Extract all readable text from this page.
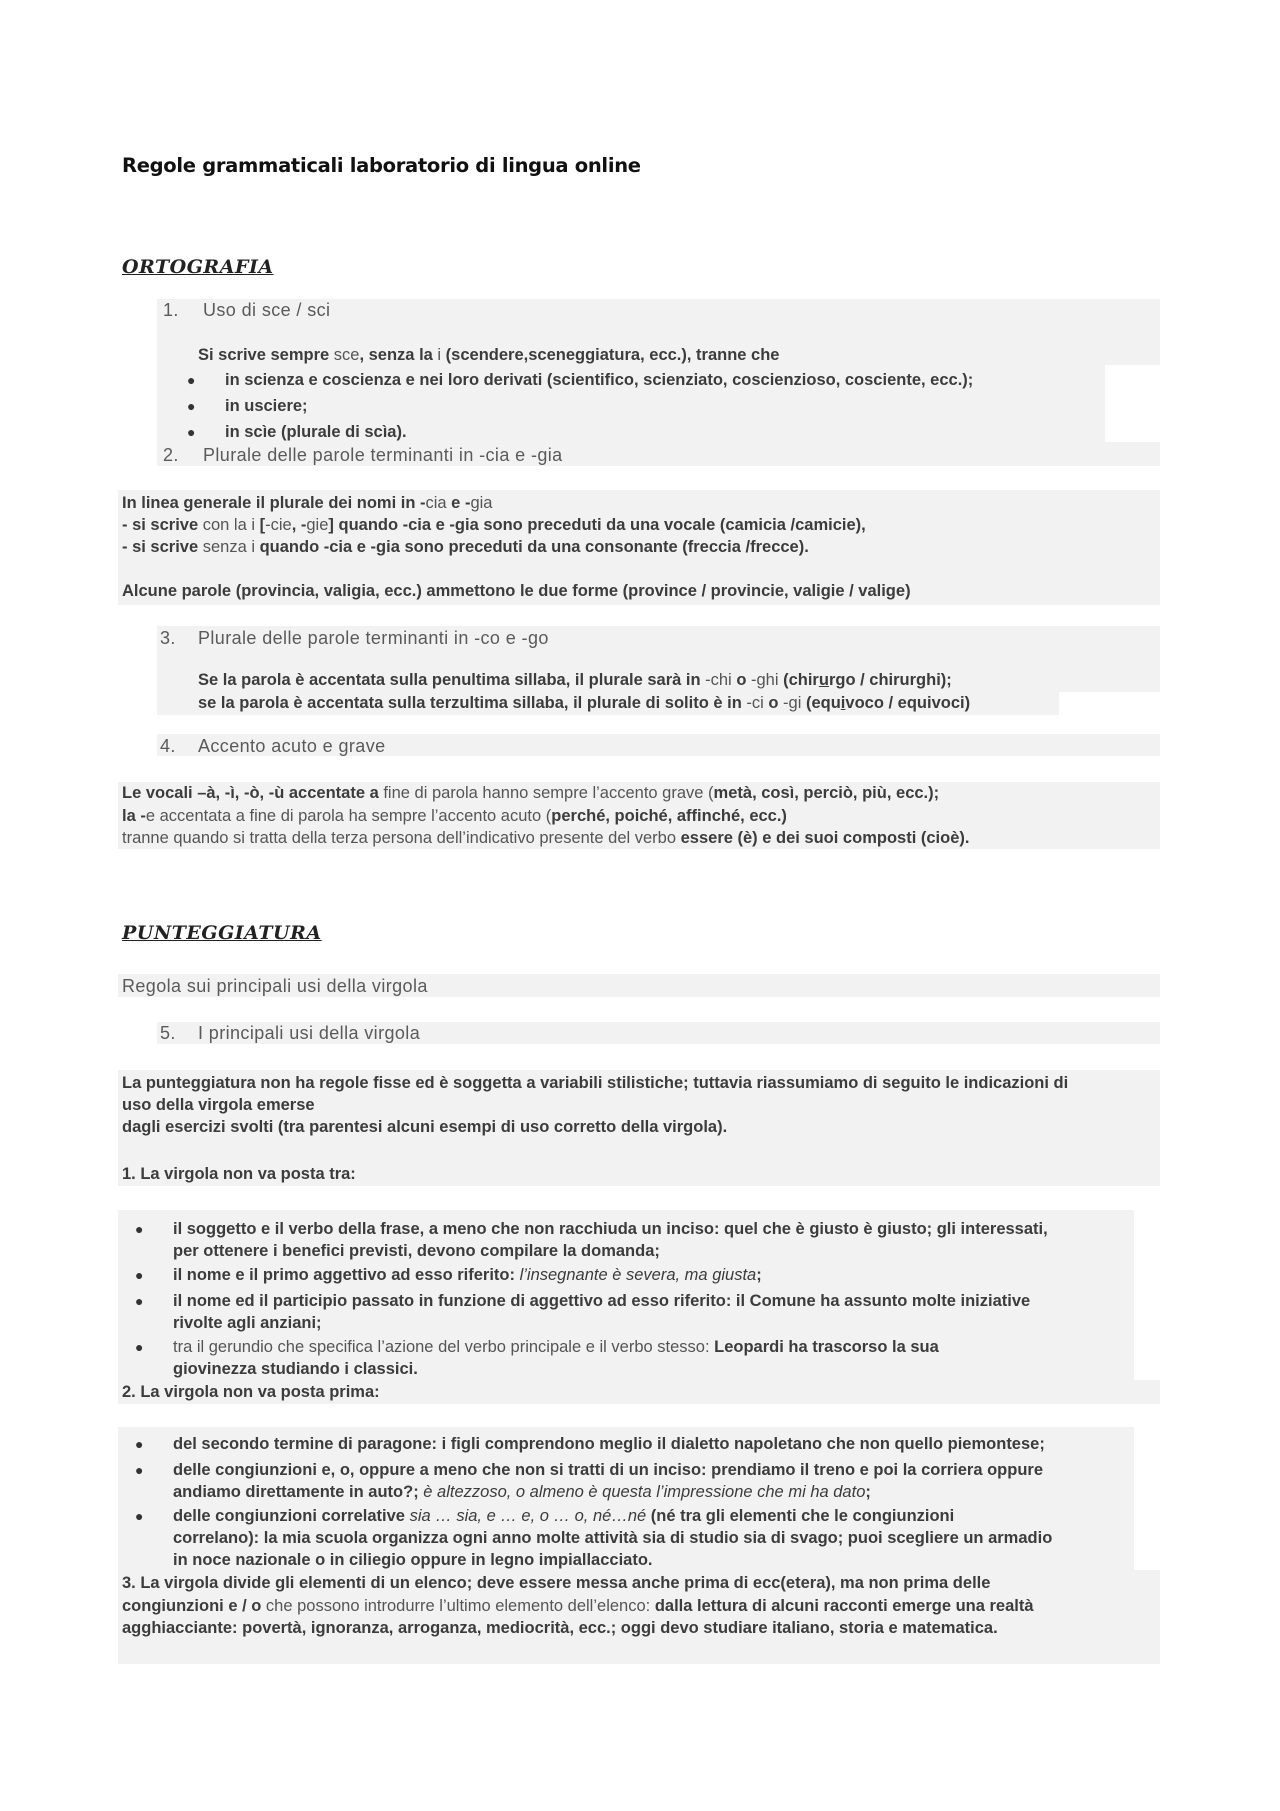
Regole grammaticali laboratorio di lingua online
ORTOGRAFIA
1. Uso di sce / sci
Si scrive sempre sce, senza la i (scendere,sceneggiatura, ecc.), tranne che
● in scienza e coscienza e nei loro derivati (scientifico, scienziato, coscienzioso, cosciente, ecc.);
● in usciere;
● in scìe (plurale di scìa).
2. Plurale delle parole terminanti in -cia e -gia
In linea generale il plurale dei nomi in -cia e -gia
- si scrive con la i [-cie, -gie] quando -cia e -gia sono preceduti da una vocale (camicia /camicie),
- si scrive senza i quando -cia e -gia sono preceduti da una consonante (freccia /frecce).
Alcune parole (provincia, valigia, ecc.) ammettono le due forme (province / provincie, valigie / valige)
3. Plurale delle parole terminanti in -co e -go
Se la parola è accentata sulla penultima sillaba, il plurale sarà in -chi o -ghi (chirurgo / chirurghi);
se la parola è accentata sulla terzultima sillaba, il plurale di solito è in -ci o -gi (equivoco / equivoci)
4. Accento acuto e grave
Le vocali –à, -ì, -ò, -ù accentate a fine di parola hanno sempre l’accento grave (metà, così, perciò, più, ecc.);
la -e accentata a fine di parola ha sempre l’accento acuto (perché, poiché, affinché, ecc.)
tranne quando si tratta della terza persona dell’indicativo presente del verbo essere (è) e dei suoi composti (cioè).
PUNTEGGIATURA
Regola sui principali usi della virgola
5. I principali usi della virgola
La punteggiatura non ha regole fisse ed è soggetta a variabili stilistiche; tuttavia riassumiamo di seguito le indicazioni di
uso della virgola emerse
dagli esercizi svolti (tra parentesi alcuni esempi di uso corretto della virgola).
1. La virgola non va posta tra:
● il soggetto e il verbo della frase, a meno che non racchiuda un inciso: quel che è giusto è giusto; gli interessati,
per ottenere i benefici previsti, devono compilare la domanda;
● il nome e il primo aggettivo ad esso riferito: l’insegnante è severa, ma giusta;
● il nome ed il participio passato in funzione di aggettivo ad esso riferito: il Comune ha assunto molte iniziative
rivolte agli anziani;
● tra il gerundio che specifica l’azione del verbo principale e il verbo stesso: Leopardi ha trascorso la sua
giovinezza studiando i classici.
2. La virgola non va posta prima:
● del secondo termine di paragone: i figli comprendono meglio il dialetto napoletano che non quello piemontese;
● delle congiunzioni e, o, oppure a meno che non si tratti di un inciso: prendiamo il treno e poi la corriera oppure
andiamo direttamente in auto?; è altezzoso, o almeno è questa l’impressione che mi ha dato;
● delle congiunzioni correlative sia … sia, e … e, o … o, né…né (né tra gli elementi che le congiunzioni
correlano): la mia scuola organizza ogni anno molte attività sia di studio sia di svago; puoi scegliere un armadio
in noce nazionale o in ciliegio oppure in legno impiallacciato.
3. La virgola divide gli elementi di un elenco; deve essere messa anche prima di ecc(etera), ma non prima delle
congiunzioni e / o che possono introdurre l’ultimo elemento dell’elenco: dalla lettura di alcuni racconti emerge una realtà
agghiacciante: povertà, ignoranza, arroganza, mediocrità, ecc.; oggi devo studiare italiano, storia e matematica.
